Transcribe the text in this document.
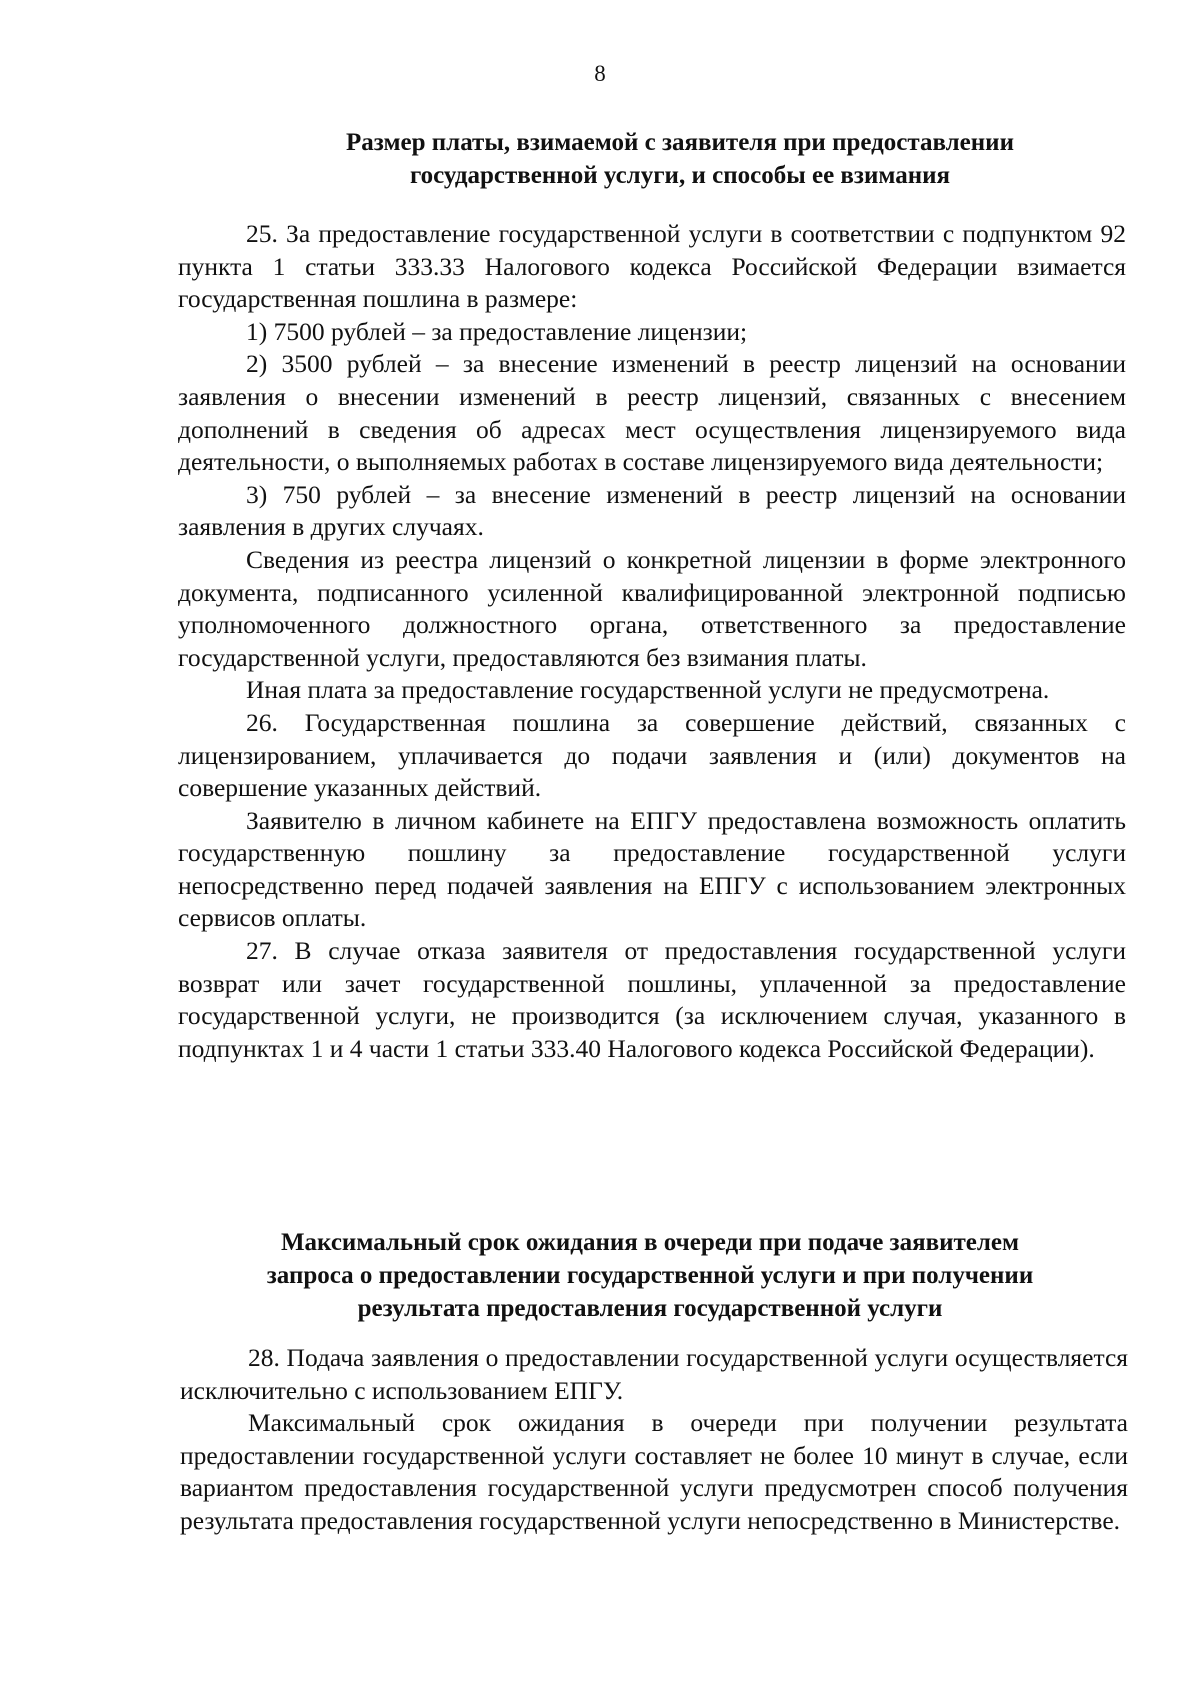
8
Размер платы, взимаемой с заявителя при предоставлении
государственной услуги, и способы ее взимания

25. За предоставление государственной услуги в соответствии с подпунктом 92 пункта 1 статьи 333.33 Налогового кодекса Российской Федерации взимается государственная пошлина в размере:

1) 7500 рублей – за предоставление лицензии;

2) 3500 рублей – за внесение изменений в реестр лицензий на основании заявления о внесении изменений в реестр лицензий, связанных с внесением дополнений в сведения об адресах мест осуществления лицензируемого вида деятельности, о выполняемых работах в составе лицензируемого вида деятельности;

3) 750 рублей – за внесение изменений в реестр лицензий на основании заявления в других случаях.

Сведения из реестра лицензий о конкретной лицензии в форме электронного документа, подписанного усиленной квалифицированной электронной подписью уполномоченного должностного органа, ответственного за предоставление государственной услуги, предоставляются без взимания платы.

Иная плата за предоставление государственной услуги не предусмотрена.

26. Государственная пошлина за совершение действий, связанных с лицензированием, уплачивается до подачи заявления и (или) документов на совершение указанных действий.

Заявителю в личном кабинете на ЕПГУ предоставлена возможность оплатить государственную пошлину за предоставление государственной услуги непосредственно перед подачей заявления на ЕПГУ с использованием электронных сервисов оплаты.

27. В случае отказа заявителя от предоставления государственной услуги возврат или зачет государственной пошлины, уплаченной за предоставление государственной услуги, не производится (за исключением случая, указанного в подпунктах 1 и 4 части 1 статьи 333.40 Налогового кодекса Российской Федерации).

Максимальный срок ожидания в очереди при подаче заявителем
запроса о предоставлении государственной услуги и при получении
результата предоставления государственной услуги

28. Подача заявления о предоставлении государственной услуги осуществляется исключительно с использованием ЕПГУ.

Максимальный срок ожидания в очереди при получении результата предоставлении государственной услуги составляет не более 10 минут в случае, если вариантом предоставления государственной услуги предусмотрен способ получения результата предоставления государственной услуги непосредственно в Министерстве.
